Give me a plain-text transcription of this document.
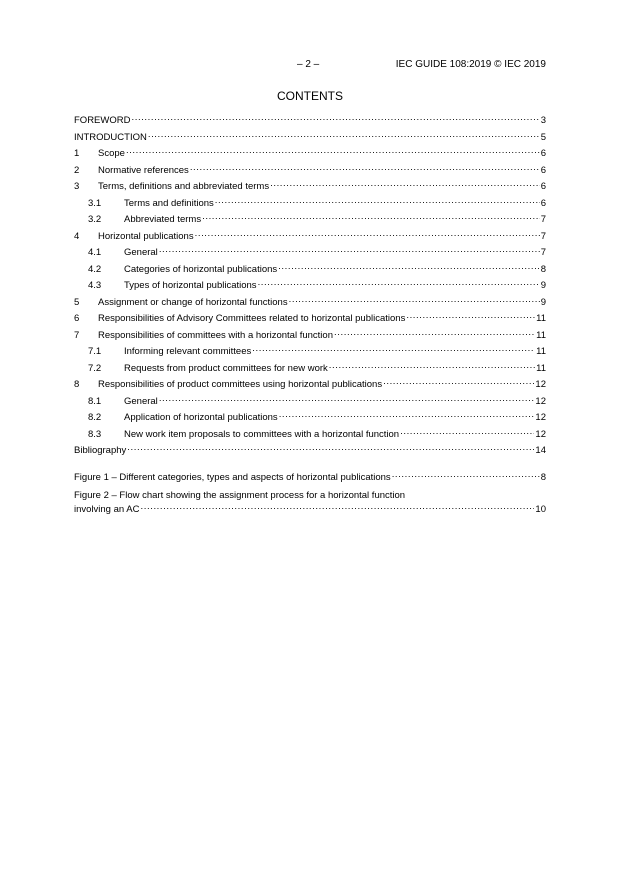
– 2 –	IEC GUIDE 108:2019 © IEC 2019
CONTENTS
FOREWORD .....	3
INTRODUCTION .....	5
1	Scope .....	6
2	Normative references .....	6
3	Terms, definitions and abbreviated terms .....	6
3.1	Terms and definitions .....	6
3.2	Abbreviated terms .....	7
4	Horizontal publications .....	7
4.1	General .....	7
4.2	Categories of horizontal publications .....	8
4.3	Types of horizontal publications .....	9
5	Assignment or change of horizontal functions .....	9
6	Responsibilities of Advisory Committees related to horizontal publications .....	11
7	Responsibilities of committees with a horizontal function .....	11
7.1	Informing relevant committees .....	11
7.2	Requests from product committees for new work .....	11
8	Responsibilities of product committees using horizontal publications .....	12
8.1	General .....	12
8.2	Application of horizontal publications .....	12
8.3	New work item proposals to committees with a horizontal function .....	12
Bibliography .....	14
Figure 1 – Different categories, types and aspects of horizontal publications .....	8
Figure 2 – Flow chart showing the assignment process for a horizontal function
involving an AC .....	10
